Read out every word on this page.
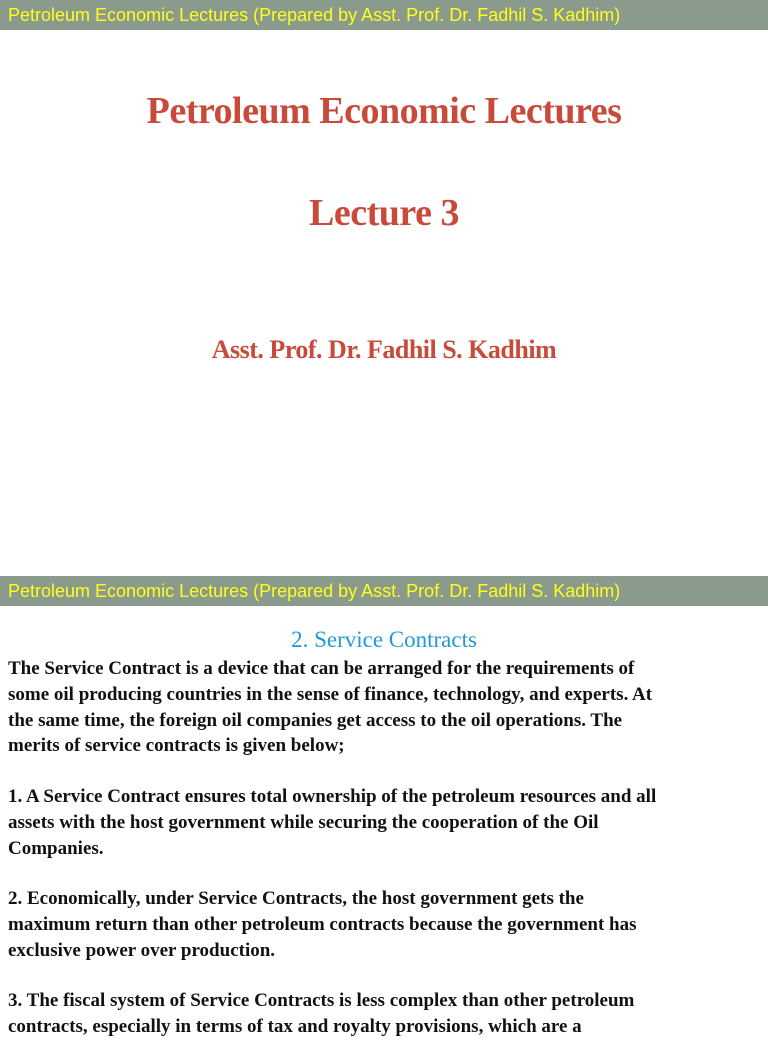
Petroleum Economic Lectures (Prepared by Asst. Prof. Dr. Fadhil S. Kadhim)
Petroleum Economic Lectures
Lecture 3
Asst. Prof. Dr. Fadhil S. Kadhim
Petroleum Economic Lectures (Prepared by Asst. Prof. Dr. Fadhil S. Kadhim)
2. Service Contracts

The Service Contract is a device that can be arranged for the requirements of
some oil producing countries in the sense of finance, technology, and experts. At
the same time, the foreign oil companies get access to the oil operations. The
merits of service contracts is given below;

1. A Service Contract ensures total ownership of the petroleum resources and all
assets with the host government while securing the cooperation of the Oil
Companies.

2. Economically, under Service Contracts, the host government gets the
maximum return than other petroleum contracts because the government has
exclusive power over production.

3. The fiscal system of Service Contracts is less complex than other petroleum
contracts, especially in terms of tax and royalty provisions, which are a
